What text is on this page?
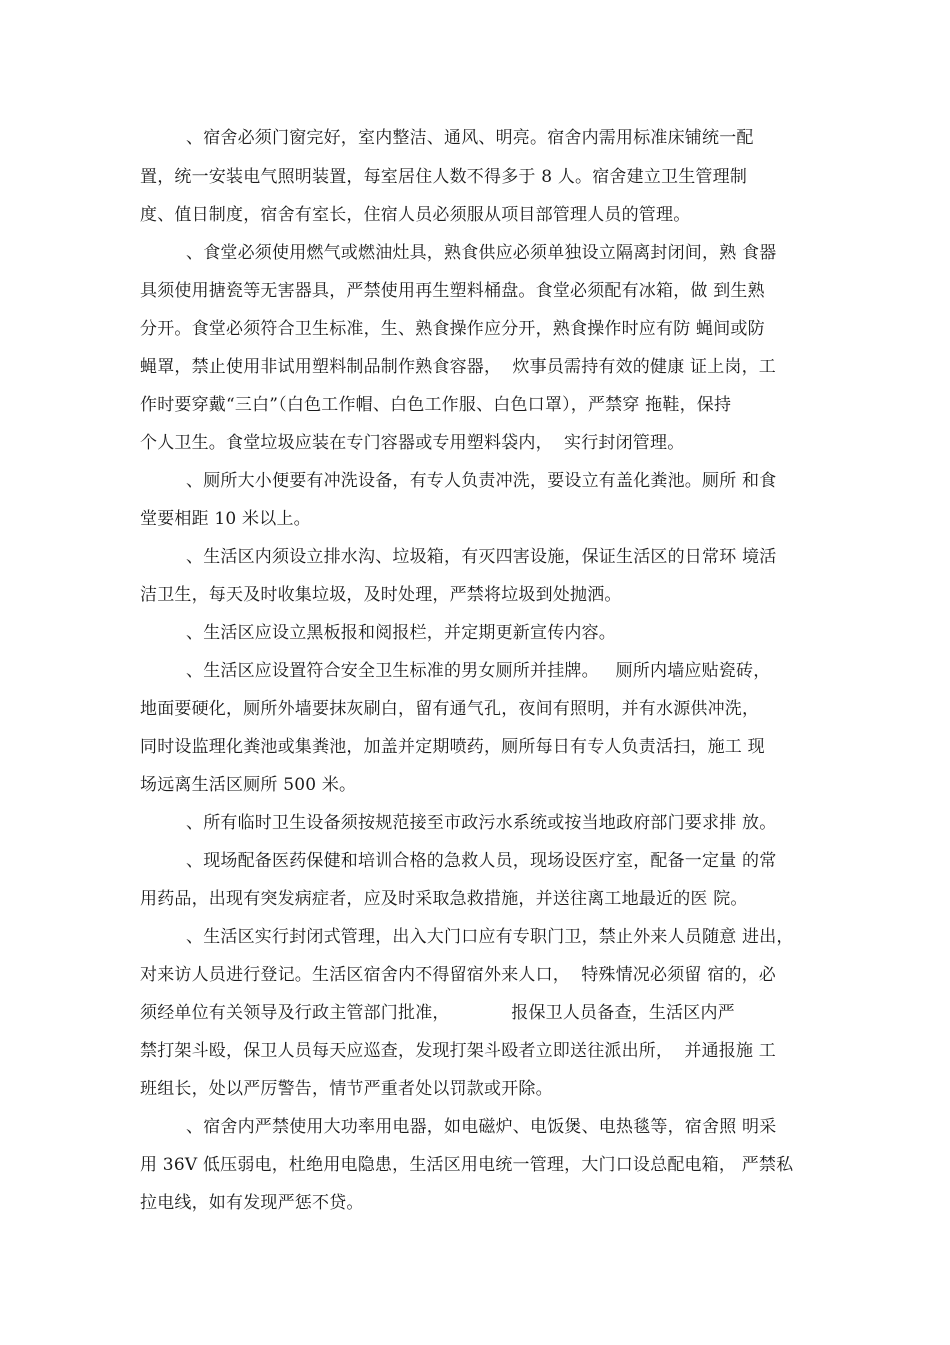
、宿舍必须门窗完好，室内整洁、通风、明亮。宿舍内需用标准床铺统一配
置，统一安装电气照明装置，每室居住人数不得多于 8 人。宿舍建立卫生管理制
度、值日制度，宿舍有室长，住宿人员必须服从项目部管理人员的管理。
、食堂必须使用燃气或燃油灶具，熟食供应必须单独设立隔离封闭间，熟 食器
具须使用搪瓷等无害器具，严禁使用再生塑料桶盘。食堂必须配有冰箱，做 到生熟
分开。食堂必须符合卫生标准，生、熟食操作应分开，熟食操作时应有防 蝇间或防
蝇罩，禁止使用非试用塑料制品制作熟食容器，  炊事员需持有效的健康 证上岗，工
作时要穿戴“三白”（白色工作帽、白色工作服、白色口罩），严禁穿 拖鞋，保持
个人卫生。食堂垃圾应装在专门容器或专用塑料袋内，  实行封闭管理。
、厕所大小便要有冲洗设备，有专人负责冲洗，要设立有盖化粪池。厕所 和食
堂要相距 10 米以上。
、生活区内须设立排水沟、垃圾箱，有灭四害设施，保证生活区的日常环 境活
洁卫生，每天及时收集垃圾，及时处理，严禁将垃圾到处抛洒。
、生活区应设立黑板报和阅报栏，并定期更新宣传内容。
、生活区应设置符合安全卫生标准的男女厕所并挂牌。   厕所内墙应贴瓷砖，
地面要硬化，厕所外墙要抹灰刷白，留有通气孔，夜间有照明，并有水源供冲洗，
同时设监理化粪池或集粪池，加盖并定期喷药，厕所每日有专人负责活扫，施工 现
场远离生活区厕所 500 米。
、所有临时卫生设备须按规范接至市政污水系统或按当地政府部门要求排 放。
、现场配备医药保健和培训合格的急救人员，现场设医疗室，配备一定量 的常
用药品，出现有突发病症者，应及时采取急救措施，并送往离工地最近的医 院。
、生活区实行封闭式管理，出入大门口应有专职门卫，禁止外来人员随意 进出，
对来访人员进行登记。生活区宿舍内不得留宿外来人口，  特殊情况必须留 宿的，必
须经单位有关领导及行政主管部门批准，           报保卫人员备查，生活区内严
禁打架斗殴，保卫人员每天应巡查，发现打架斗殴者立即送往派出所，  并通报施 工
班组长，处以严厉警告，情节严重者处以罚款或开除。
、宿舍内严禁使用大功率用电器，如电磁炉、电饭煲、电热毯等，宿舍照 明采
用 36V 低压弱电，杜绝用电隐患，生活区用电统一管理，大门口设总配电箱， 严禁私
拉电线，如有发现严惩不贷。
